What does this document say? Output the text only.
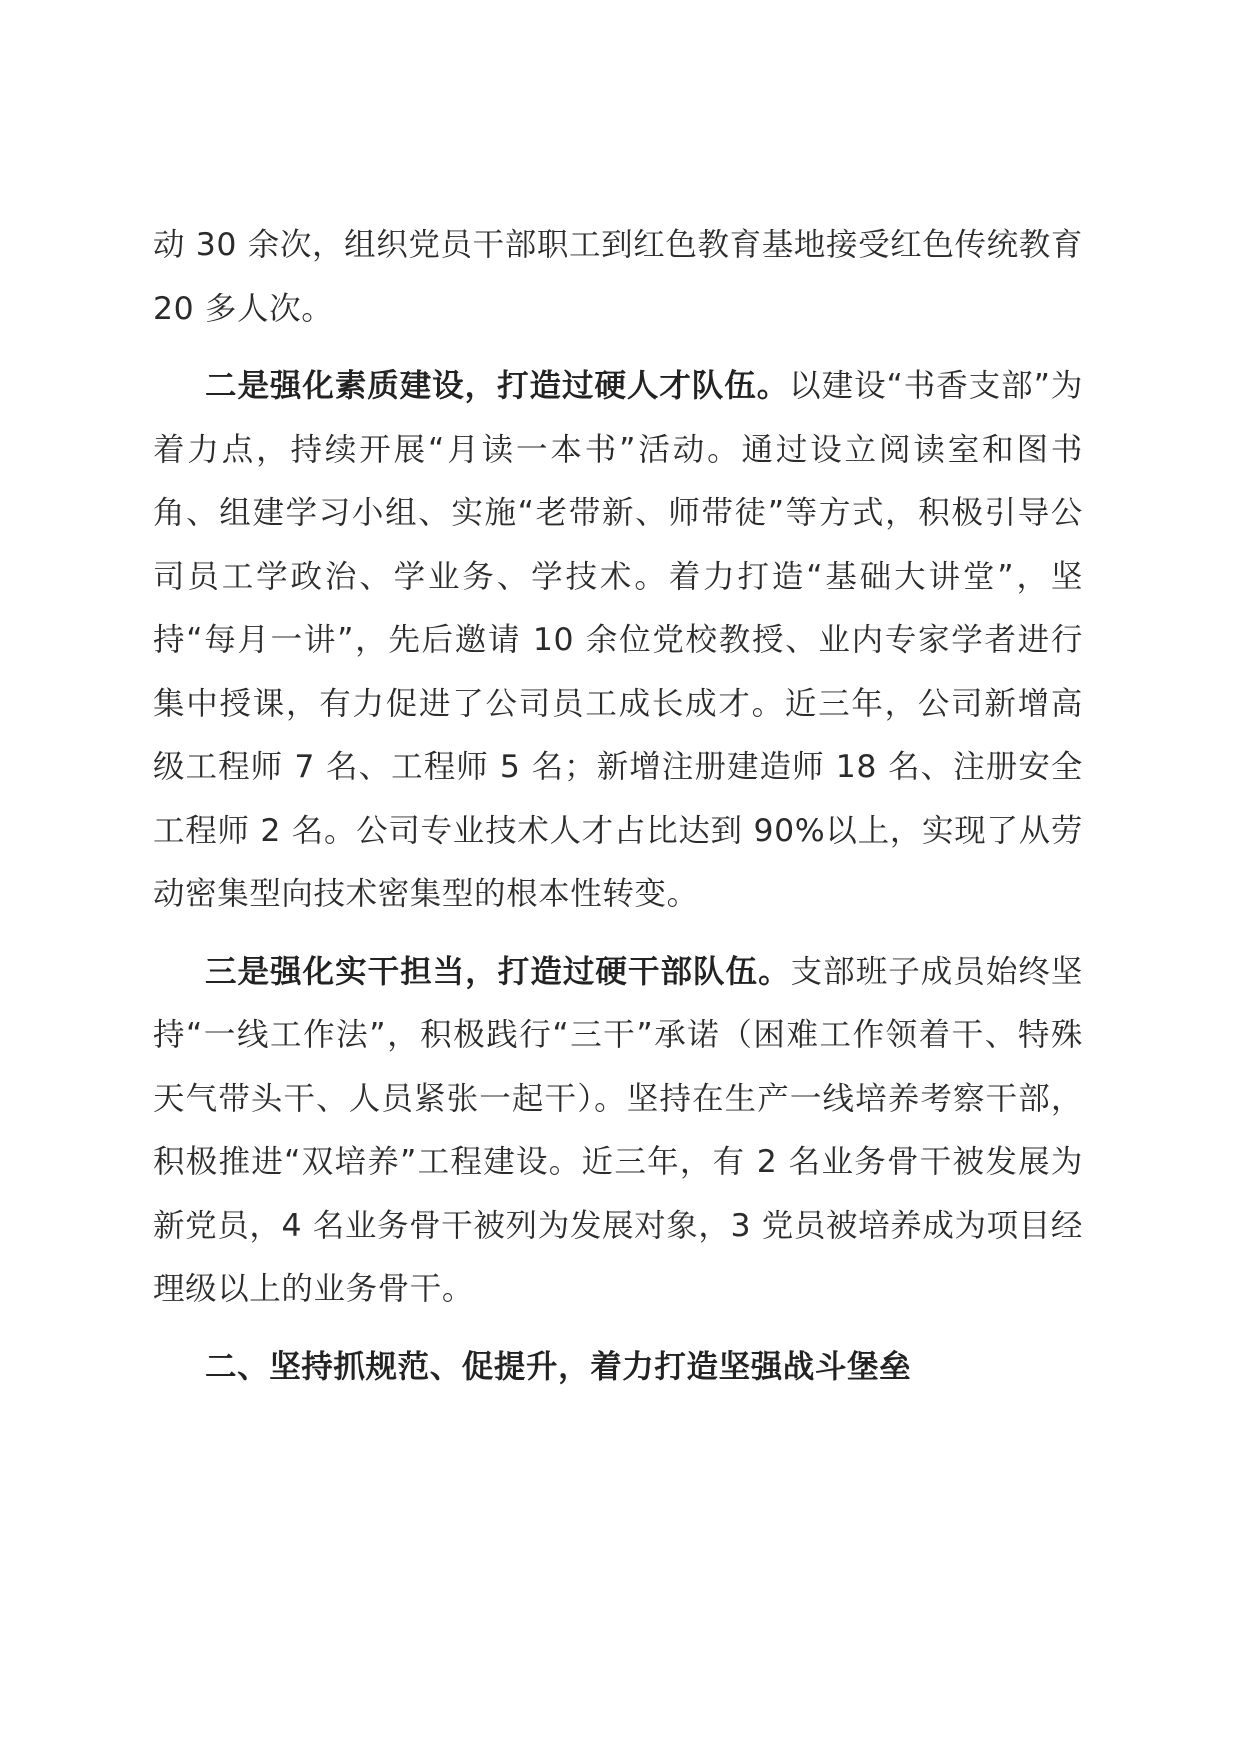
动 30 余次，组织党员干部职工到红色教育基地接受红色传统教育 20 多人次。

二是强化素质建设，打造过硬人才队伍。以建设“书香支部”为着力点，持续开展“月读一本书”活动。通过设立阅读室和图书角、组建学习小组、实施“老带新、师带徒”等方式，积极引导公司员工学政治、学业务、学技术。着力打造“基础大讲堂”，坚持“每月一讲”，先后邀请 10 余位党校教授、业内专家学者进行集中授课，有力促进了公司员工成长成才。近三年，公司新增高级工程师 7 名、工程师 5 名；新增注册建造师 18 名、注册安全工程师 2 名。公司专业技术人才占比达到 90%以上，实现了从劳动密集型向技术密集型的根本性转变。

三是强化实干担当，打造过硬干部队伍。支部班子成员始终坚持“一线工作法”，积极践行“三干”承诺（困难工作领着干、特殊天气带头干、人员紧张一起干）。坚持在生产一线培养考察干部，积极推进“双培养”工程建设。近三年，有 2 名业务骨干被发展为新党员，4 名业务骨干被列为发展对象，3 党员被培养成为项目经理级以上的业务骨干。

二、坚持抓规范、促提升，着力打造坚强战斗堡垒
